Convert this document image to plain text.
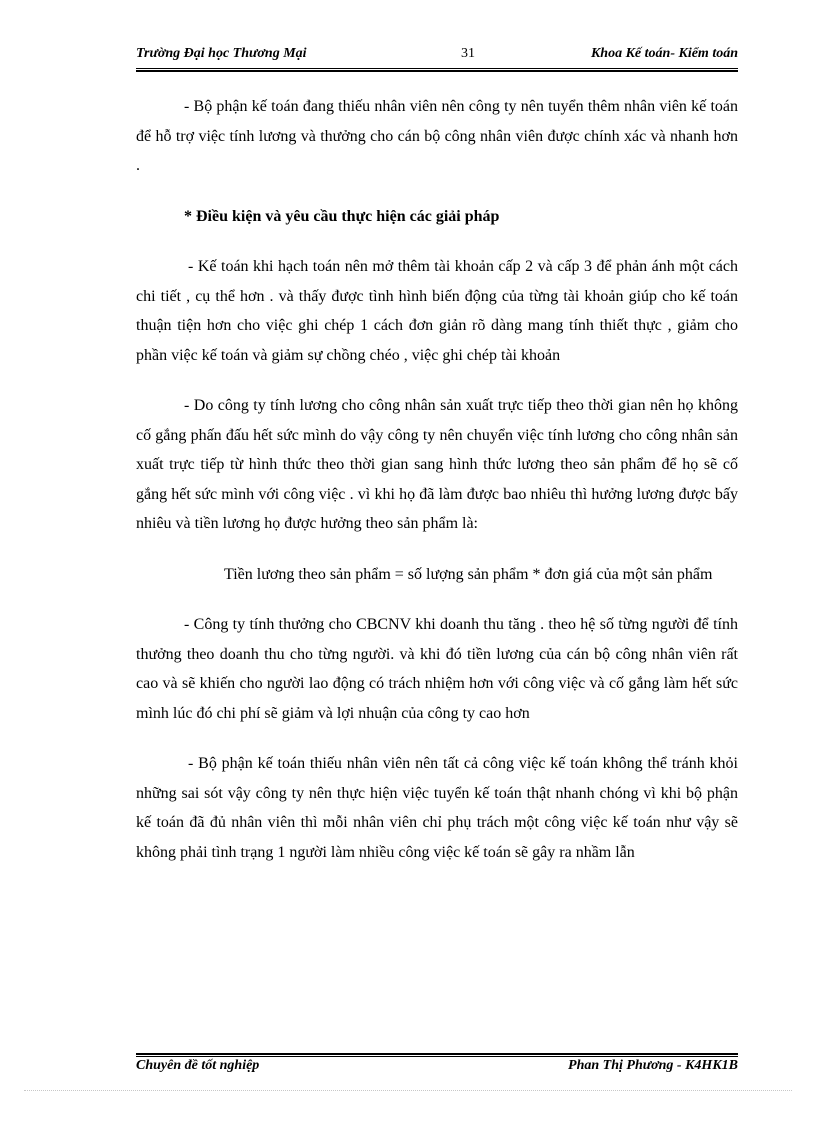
Trường Đại học Thương Mại	31	Khoa Kế toán- Kiểm toán

- Bộ phận kế toán đang thiếu nhân viên nên công ty nên tuyển thêm nhân viên kế toán để hỗ trợ việc tính lương và thưởng cho cán bộ công nhân viên được chính xác và nhanh hơn .

* Điều kiện và yêu cầu thực hiện các giải pháp

- Kế toán khi hạch toán nên mở thêm tài khoản cấp 2 và cấp 3 để phản ánh một cách chi tiết , cụ thể hơn . và thấy được tình hình biến động của từng tài khoản giúp cho kế toán thuận tiện hơn cho việc ghi chép 1 cách đơn giản rõ dàng mang tính thiết thực , giảm cho phần việc kế toán và giảm sự chồng chéo , việc ghi chép tài khoản

- Do công ty tính lương cho công nhân sản xuất trực tiếp theo thời gian nên họ không cố gắng phấn đấu hết sức mình do vậy công ty nên chuyển việc tính lương cho công nhân sản xuất trực tiếp từ hình thức theo thời gian sang hình thức lương theo sản phẩm để họ sẽ cố gắng hết sức mình với công việc . vì khi họ đã làm được bao nhiêu thì hưởng lương được bấy nhiêu và tiền lương họ được hưởng theo sản phẩm là:

Tiền lương theo sản phẩm = số lượng sản phẩm * đơn giá của một sản phẩm

- Công ty tính thưởng cho CBCNV khi doanh thu tăng . theo hệ số từng người để tính thưởng theo doanh thu cho từng người. và khi đó tiền lương của cán bộ công nhân viên rất cao và sẽ khiến cho người lao động có trách nhiệm hơn với công việc và cố gắng làm hết sức mình lúc đó chi phí sẽ giảm và lợi nhuận của công ty cao hơn

- Bộ phận kế toán thiếu nhân viên nên tất cả công việc kế toán không thể tránh khỏi những sai sót vậy công ty nên thực hiện việc tuyển kế toán thật nhanh chóng vì khi bộ phận kế toán đã đủ nhân viên thì mỗi nhân viên chỉ phụ trách một công việc kế toán như vậy sẽ không phải tình trạng 1 người làm nhiều công việc kế toán sẽ gây ra nhầm lẫn

Chuyên đề tốt nghiệp	Phan Thị Phương - K4HK1B
